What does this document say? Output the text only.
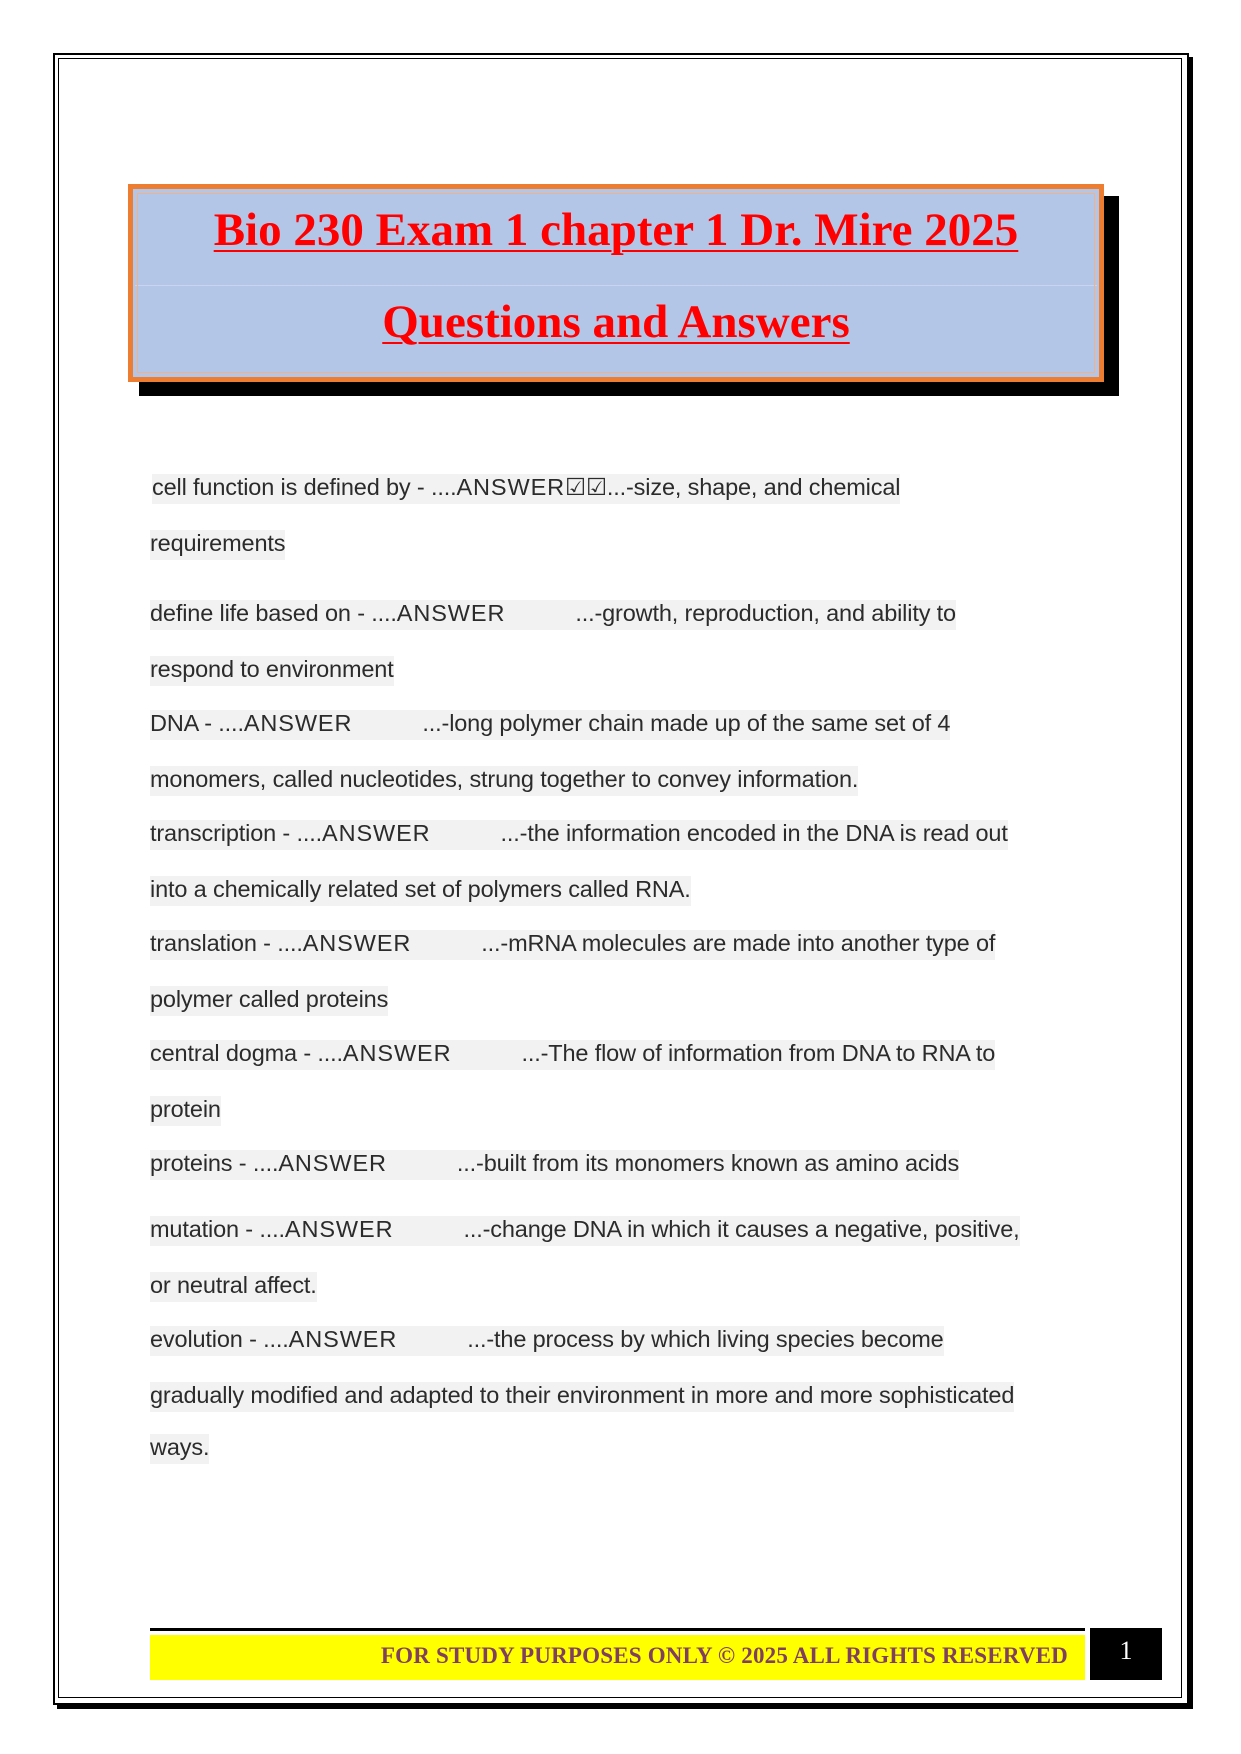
Bio 230 Exam 1 chapter 1 Dr. Mire 2025
Questions and Answers
cell function is defined by - ....ANSWER☑☑...-size, shape, and chemical
requirements
define life based on - ....ANSWER	...-growth, reproduction, and ability to
respond to environment
DNA - ....ANSWER	...-long polymer chain made up of the same set of 4
monomers, called nucleotides, strung together to convey information.
transcription - ....ANSWER	...-the information encoded in the DNA is read out
into a chemically related set of polymers called RNA.
translation - ....ANSWER	...-mRNA molecules are made into another type of
polymer called proteins
central dogma - ....ANSWER	...-The flow of information from DNA to RNA to
protein
proteins - ....ANSWER	...-built from its monomers known as amino acids
mutation - ....ANSWER	...-change DNA in which it causes a negative, positive,
or neutral affect.
evolution - ....ANSWER	...-the process by which living species become
gradually modified and adapted to their environment in more and more sophisticated
ways.
FOR STUDY PURPOSES ONLY © 2025 ALL RIGHTS RESERVED	1
